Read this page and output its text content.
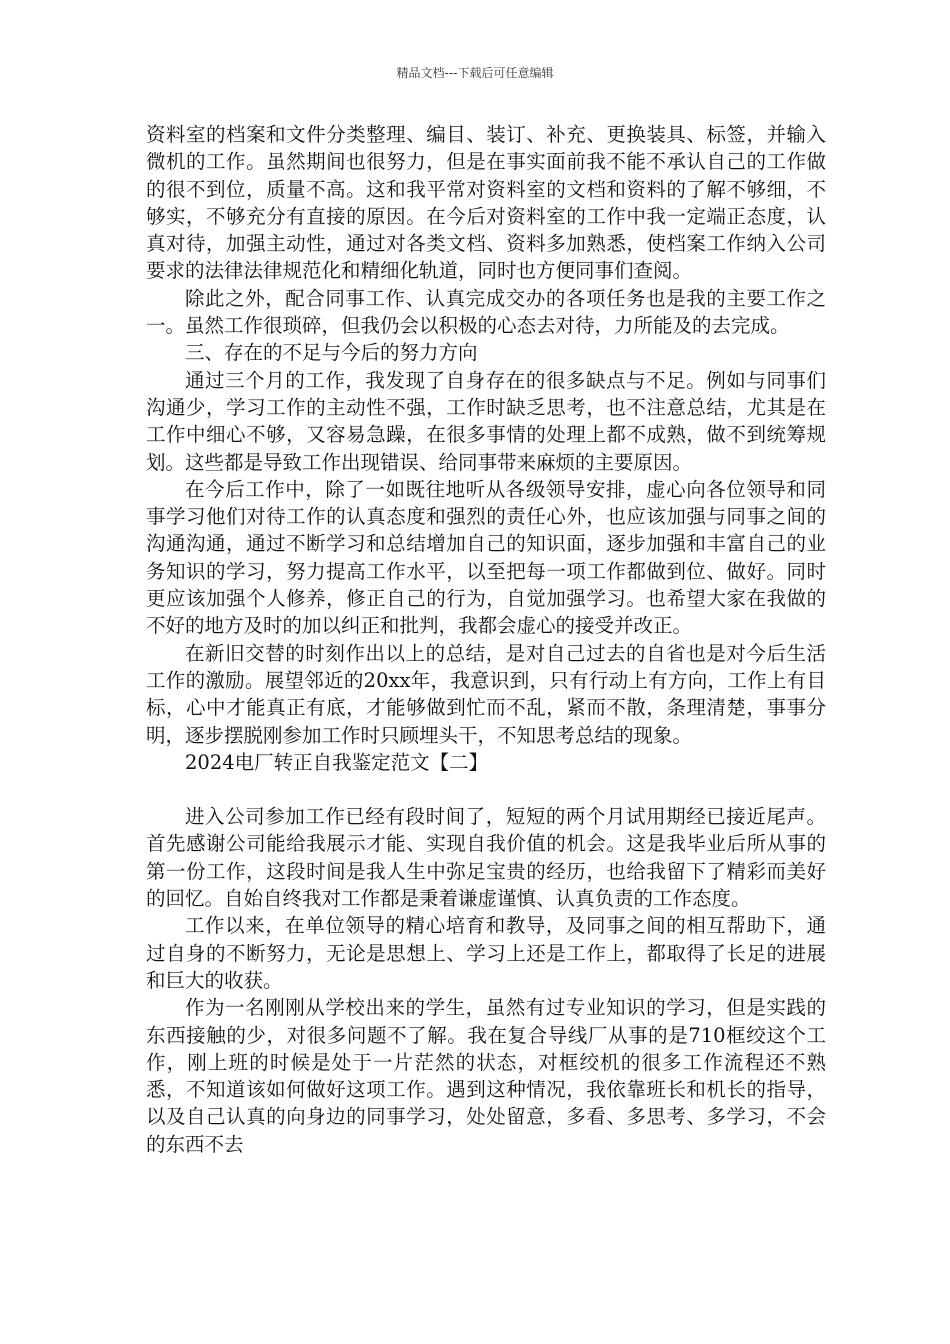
精品文档---下载后可任意编辑

资料室的档案和文件分类整理、编目、装订、补充、更换装具、标签，并输入微机的工作。虽然期间也很努力，但是在事实面前我不能不承认自己的工作做的很不到位，质量不高。这和我平常对资料室的文档和资料的了解不够细，不够实，不够充分有直接的原因。在今后对资料室的工作中我一定端正态度，认真对待，加强主动性，通过对各类文档、资料多加熟悉，使档案工作纳入公司要求的法律法律规范化和精细化轨道，同时也方便同事们查阅。

除此之外，配合同事工作、认真完成交办的各项任务也是我的主要工作之一。虽然工作很琐碎，但我仍会以积极的心态去对待，力所能及的去完成。

三、存在的不足与今后的努力方向

通过三个月的工作，我发现了自身存在的很多缺点与不足。例如与同事们沟通少，学习工作的主动性不强，工作时缺乏思考，也不注意总结，尤其是在工作中细心不够，又容易急躁，在很多事情的处理上都不成熟，做不到统筹规划。这些都是导致工作出现错误、给同事带来麻烦的主要原因。

在今后工作中，除了一如既往地听从各级领导安排，虚心向各位领导和同事学习他们对待工作的认真态度和强烈的责任心外，也应该加强与同事之间的沟通沟通，通过不断学习和总结增加自己的知识面，逐步加强和丰富自己的业务知识的学习，努力提高工作水平，以至把每一项工作都做到位、做好。同时更应该加强个人修养，修正自己的行为，自觉加强学习。也希望大家在我做的不好的地方及时的加以纠正和批判，我都会虚心的接受并改正。

在新旧交替的时刻作出以上的总结，是对自己过去的自省也是对今后生活工作的激励。展望邻近的20xx年，我意识到，只有行动上有方向，工作上有目标，心中才能真正有底，才能够做到忙而不乱，紧而不散，条理清楚，事事分明，逐步摆脱刚参加工作时只顾埋头干，不知思考总结的现象。

2024电厂转正自我鉴定范文【二】

进入公司参加工作已经有段时间了，短短的两个月试用期经已接近尾声。首先感谢公司能给我展示才能、实现自我价值的机会。这是我毕业后所从事的第一份工作，这段时间是我人生中弥足宝贵的经历，也给我留下了精彩而美好的回忆。自始自终我对工作都是秉着谦虚谨慎、认真负责的工作态度。

工作以来，在单位领导的精心培育和教导，及同事之间的相互帮助下，通过自身的不断努力，无论是思想上、学习上还是工作上，都取得了长足的进展和巨大的收获。

作为一名刚刚从学校出来的学生，虽然有过专业知识的学习，但是实践的东西接触的少，对很多问题不了解。我在复合导线厂从事的是710框绞这个工作，刚上班的时候是处于一片茫然的状态，对框绞机的很多工作流程还不熟悉，不知道该如何做好这项工作。遇到这种情况，我依靠班长和机长的指导，以及自己认真的向身边的同事学习，处处留意，多看、多思考、多学习，不会的东西不去
